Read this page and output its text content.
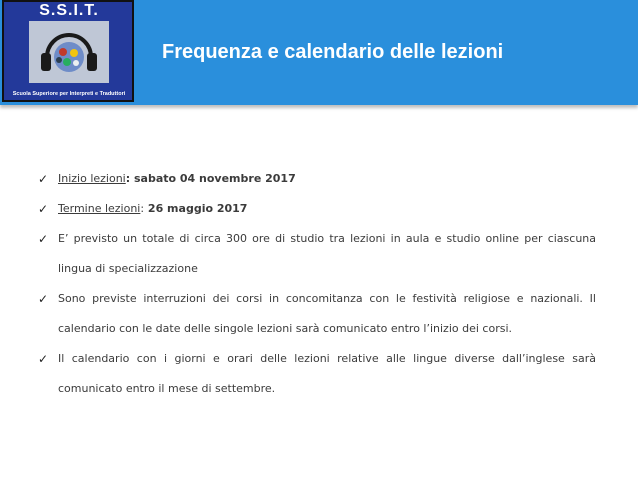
S.S.I.T.
Scuola Superiore per Interpreti e Traduttori
Frequenza e calendario delle lezioni
✓ Inizio lezioni: sabato 04 novembre 2017
✓ Termine lezioni: 26 maggio 2017
✓ E’ previsto un totale di circa 300 ore di studio tra lezioni in aula e studio online per ciascuna lingua di specializzazione
✓ Sono previste interruzioni dei corsi in concomitanza con le festività religiose e nazionali. Il calendario con le date delle singole lezioni sarà comunicato entro l’inizio dei corsi.
✓ Il calendario con i giorni e orari delle lezioni relative alle lingue diverse dall’inglese sarà comunicato entro il mese di settembre.
